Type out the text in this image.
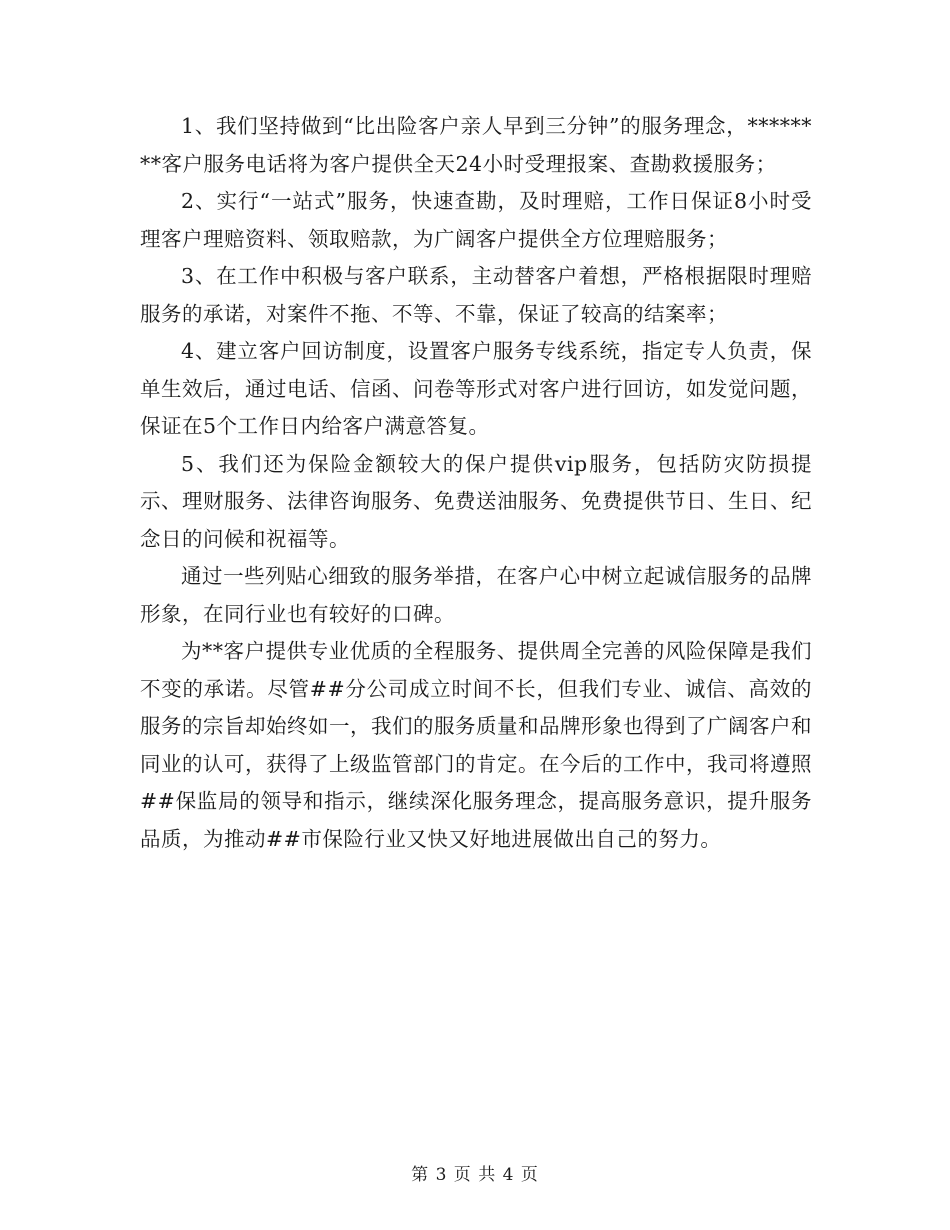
1、我们坚持做到“比出险客户亲人早到三分钟”的服务理念，********客户服务电话将为客户提供全天24小时受理报案、查勘救援服务；

2、实行“一站式”服务，快速查勘，及时理赔，工作日保证8小时受理客户理赔资料、领取赔款，为广阔客户提供全方位理赔服务；

3、在工作中积极与客户联系，主动替客户着想，严格根据限时理赔服务的承诺，对案件不拖、不等、不靠，保证了较高的结案率；

4、建立客户回访制度，设置客户服务专线系统，指定专人负责，保单生效后，通过电话、信函、问卷等形式对客户进行回访，如发觉问题，保证在5个工作日内给客户满意答复。

5、我们还为保险金额较大的保户提供vip服务，包括防灾防损提示、理财服务、法律咨询服务、免费送油服务、免费提供节日、生日、纪念日的问候和祝福等。

通过一些列贴心细致的服务举措，在客户心中树立起诚信服务的品牌形象，在同行业也有较好的口碑。

为**客户提供专业优质的全程服务、提供周全完善的风险保障是我们不变的承诺。尽管##分公司成立时间不长，但我们专业、诚信、高效的服务的宗旨却始终如一，我们的服务质量和品牌形象也得到了广阔客户和同业的认可，获得了上级监管部门的肯定。在今后的工作中，我司将遵照##保监局的领导和指示，继续深化服务理念，提高服务意识，提升服务品质，为推动##市保险行业又快又好地进展做出自己的努力。

第 3 页 共 4 页
